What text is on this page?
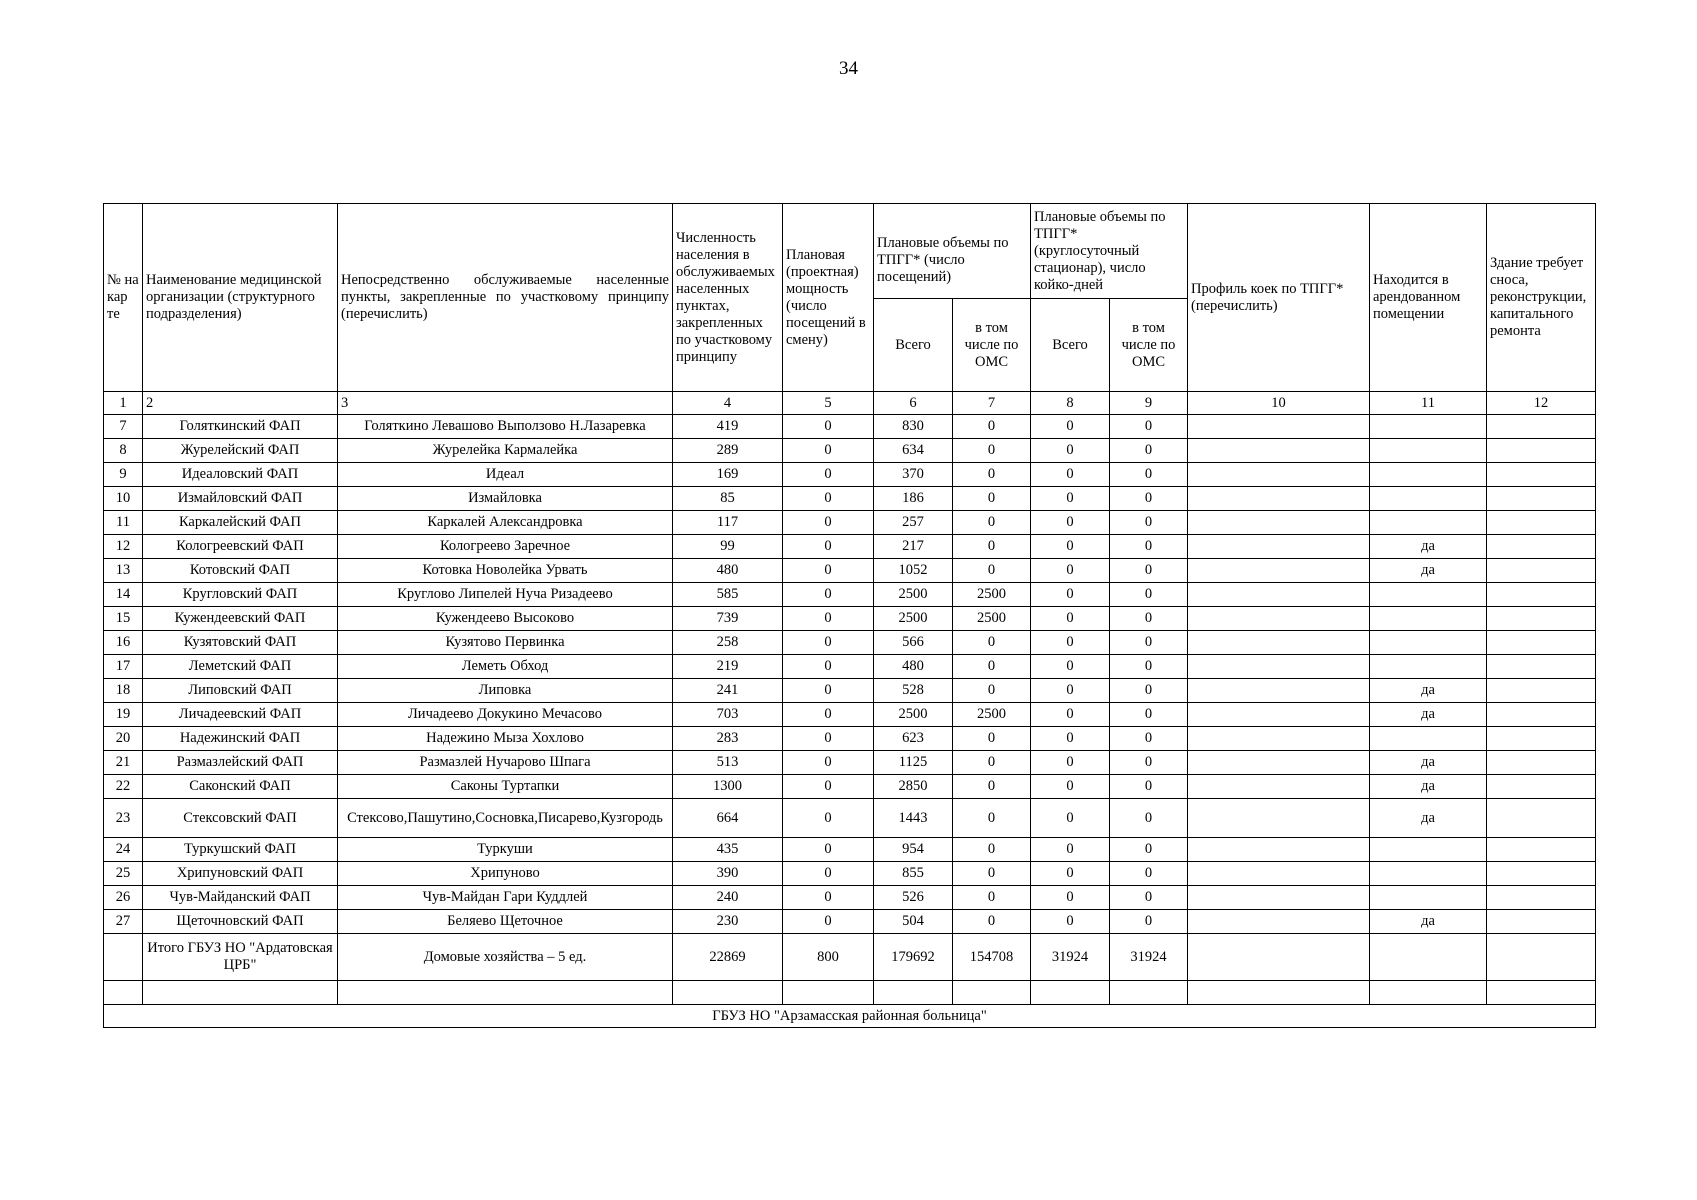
34
№ на кар те	Наименование медицинской организации (структурного подразделения)	Непосредственно обслуживаемые населенные пункты, закрепленные по участковому принципу (перечислить)	Численность населения в обслуживаемых населенных пунктах, закрепленных по участковому принципу	Плановая (проектная) мощность (число посещений в смену)	Плановые объемы по ТПГГ* (число посещений)		Плановые объемы по ТПГГ* (круглосуточный стационар), число койко-дней		Профиль коек по ТПГГ* (перечислить)	Находится в арендованном помещении	Здание требует сноса, реконструкции, капитального ремонта
					Всего	в том числе по ОМС	Всего	в том числе по ОМС			
1	2	3	4	5	6	7	8	9	10	11	12
7	Голяткинский ФАП	Голяткино Левашово Выползово Н.Лазаревка	419	0	830	0	0	0			
8	Журелейский ФАП	Журелейка Кармалейка	289	0	634	0	0	0			
9	Идеаловский ФАП	Идеал	169	0	370	0	0	0			
10	Измайловский ФАП	Измайловка	85	0	186	0	0	0			
11	Каркалейский ФАП	Каркалей Александровка	117	0	257	0	0	0			
12	Кологреевский ФАП	Кологреево Заречное	99	0	217	0	0	0		да	
13	Котовский ФАП	Котовка Новолейка Урвать	480	0	1052	0	0	0		да	
14	Кругловский ФАП	Круглово Липелей Нуча Ризадеево	585	0	2500	2500	0	0			
15	Кужендеевский ФАП	Кужендеево Высоково	739	0	2500	2500	0	0			
16	Кузятовский ФАП	Кузятово Первинка	258	0	566	0	0	0			
17	Леметский ФАП	Леметь Обход	219	0	480	0	0	0			
18	Липовский ФАП	Липовка	241	0	528	0	0	0		да	
19	Личадеевский ФАП	Личадеево Докукино Мечасово	703	0	2500	2500	0	0		да	
20	Надежинский ФАП	Надежино Мыза Хохлово	283	0	623	0	0	0			
21	Размазлейский ФАП	Размазлей Нучарово Шпага	513	0	1125	0	0	0		да	
22	Саконский ФАП	Саконы Туртапки	1300	0	2850	0	0	0		да	
23	Стексовский ФАП	Стексово,Пашутино,Сосновка,Писарево,Кузгородь	664	0	1443	0	0	0		да	
24	Туркушский ФАП	Туркуши	435	0	954	0	0	0			
25	Хрипуновский ФАП	Хрипуново	390	0	855	0	0	0			
26	Чув-Майданский ФАП	Чув-Майдан Гари Куддлей	240	0	526	0	0	0			
27	Щеточновский ФАП	Беляево Щеточное	230	0	504	0	0	0		да	
	Итого ГБУЗ НО "Ардатовская ЦРБ"	Домовые хозяйства – 5 ед.	22869	800	179692	154708	31924	31924			

ГБУЗ НО "Арзамасская районная больница"											
